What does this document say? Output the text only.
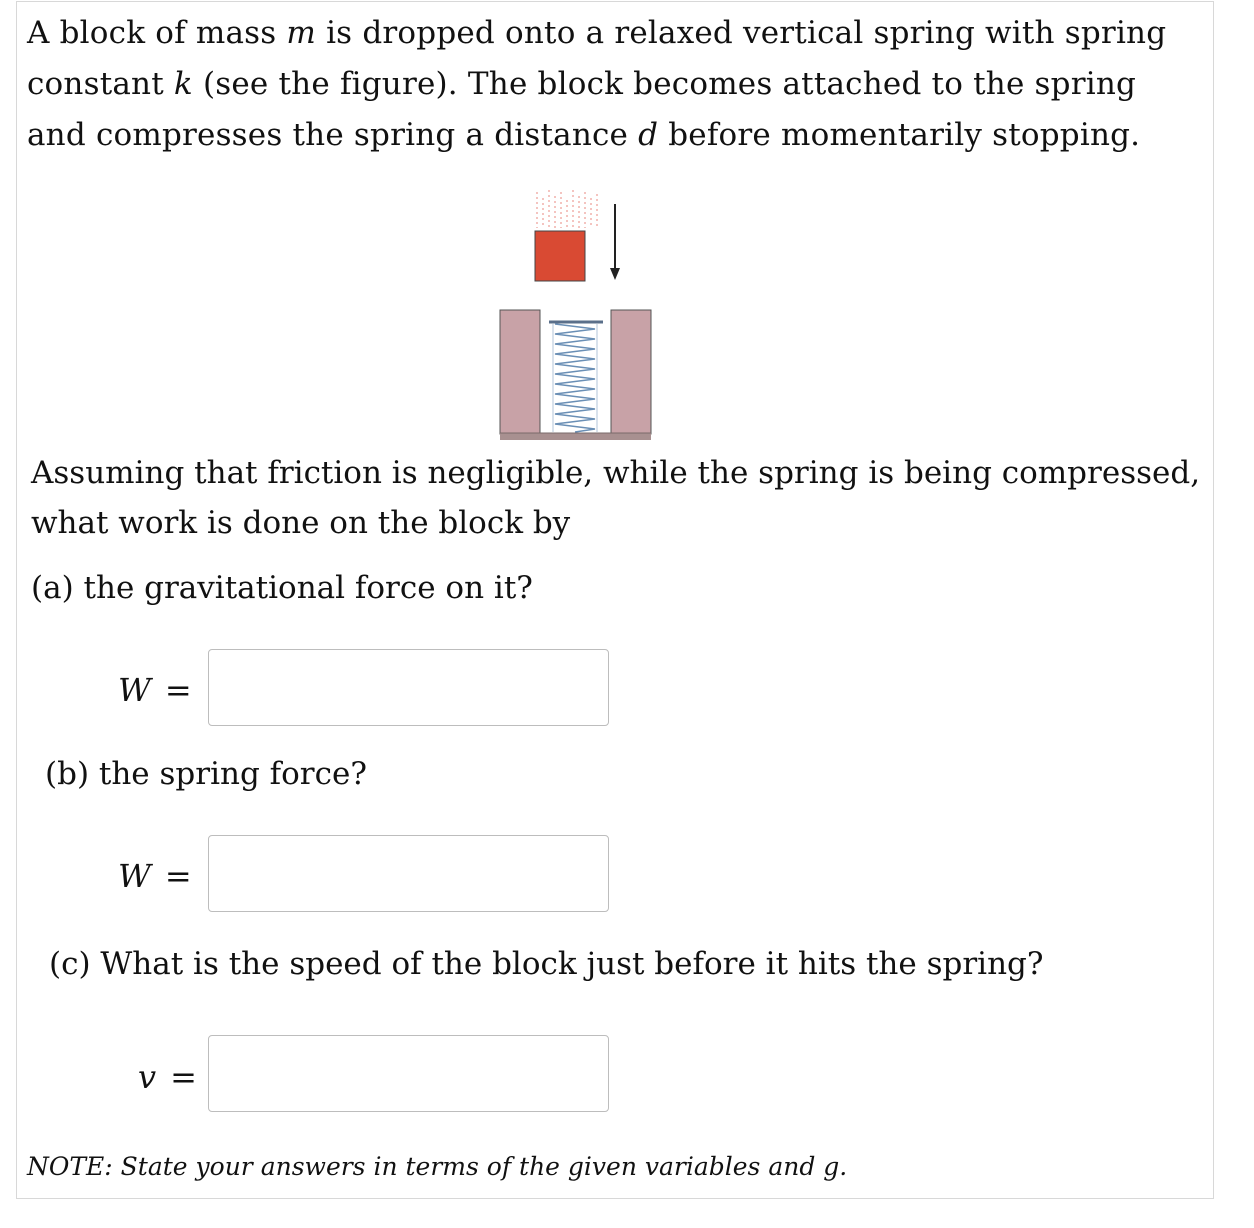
A block of mass m is dropped onto a relaxed vertical spring with spring constant k (see the figure). The block becomes attached to the spring and compresses the spring a distance d before momentarily stopping.
Assuming that friction is negligible, while the spring is being compressed, what work is done on the block by
(a) the gravitational force on it?
W =
(b) the spring force?
W =
(c) What is the speed of the block just before it hits the spring?
v =
NOTE: State your answers in terms of the given variables and g.
